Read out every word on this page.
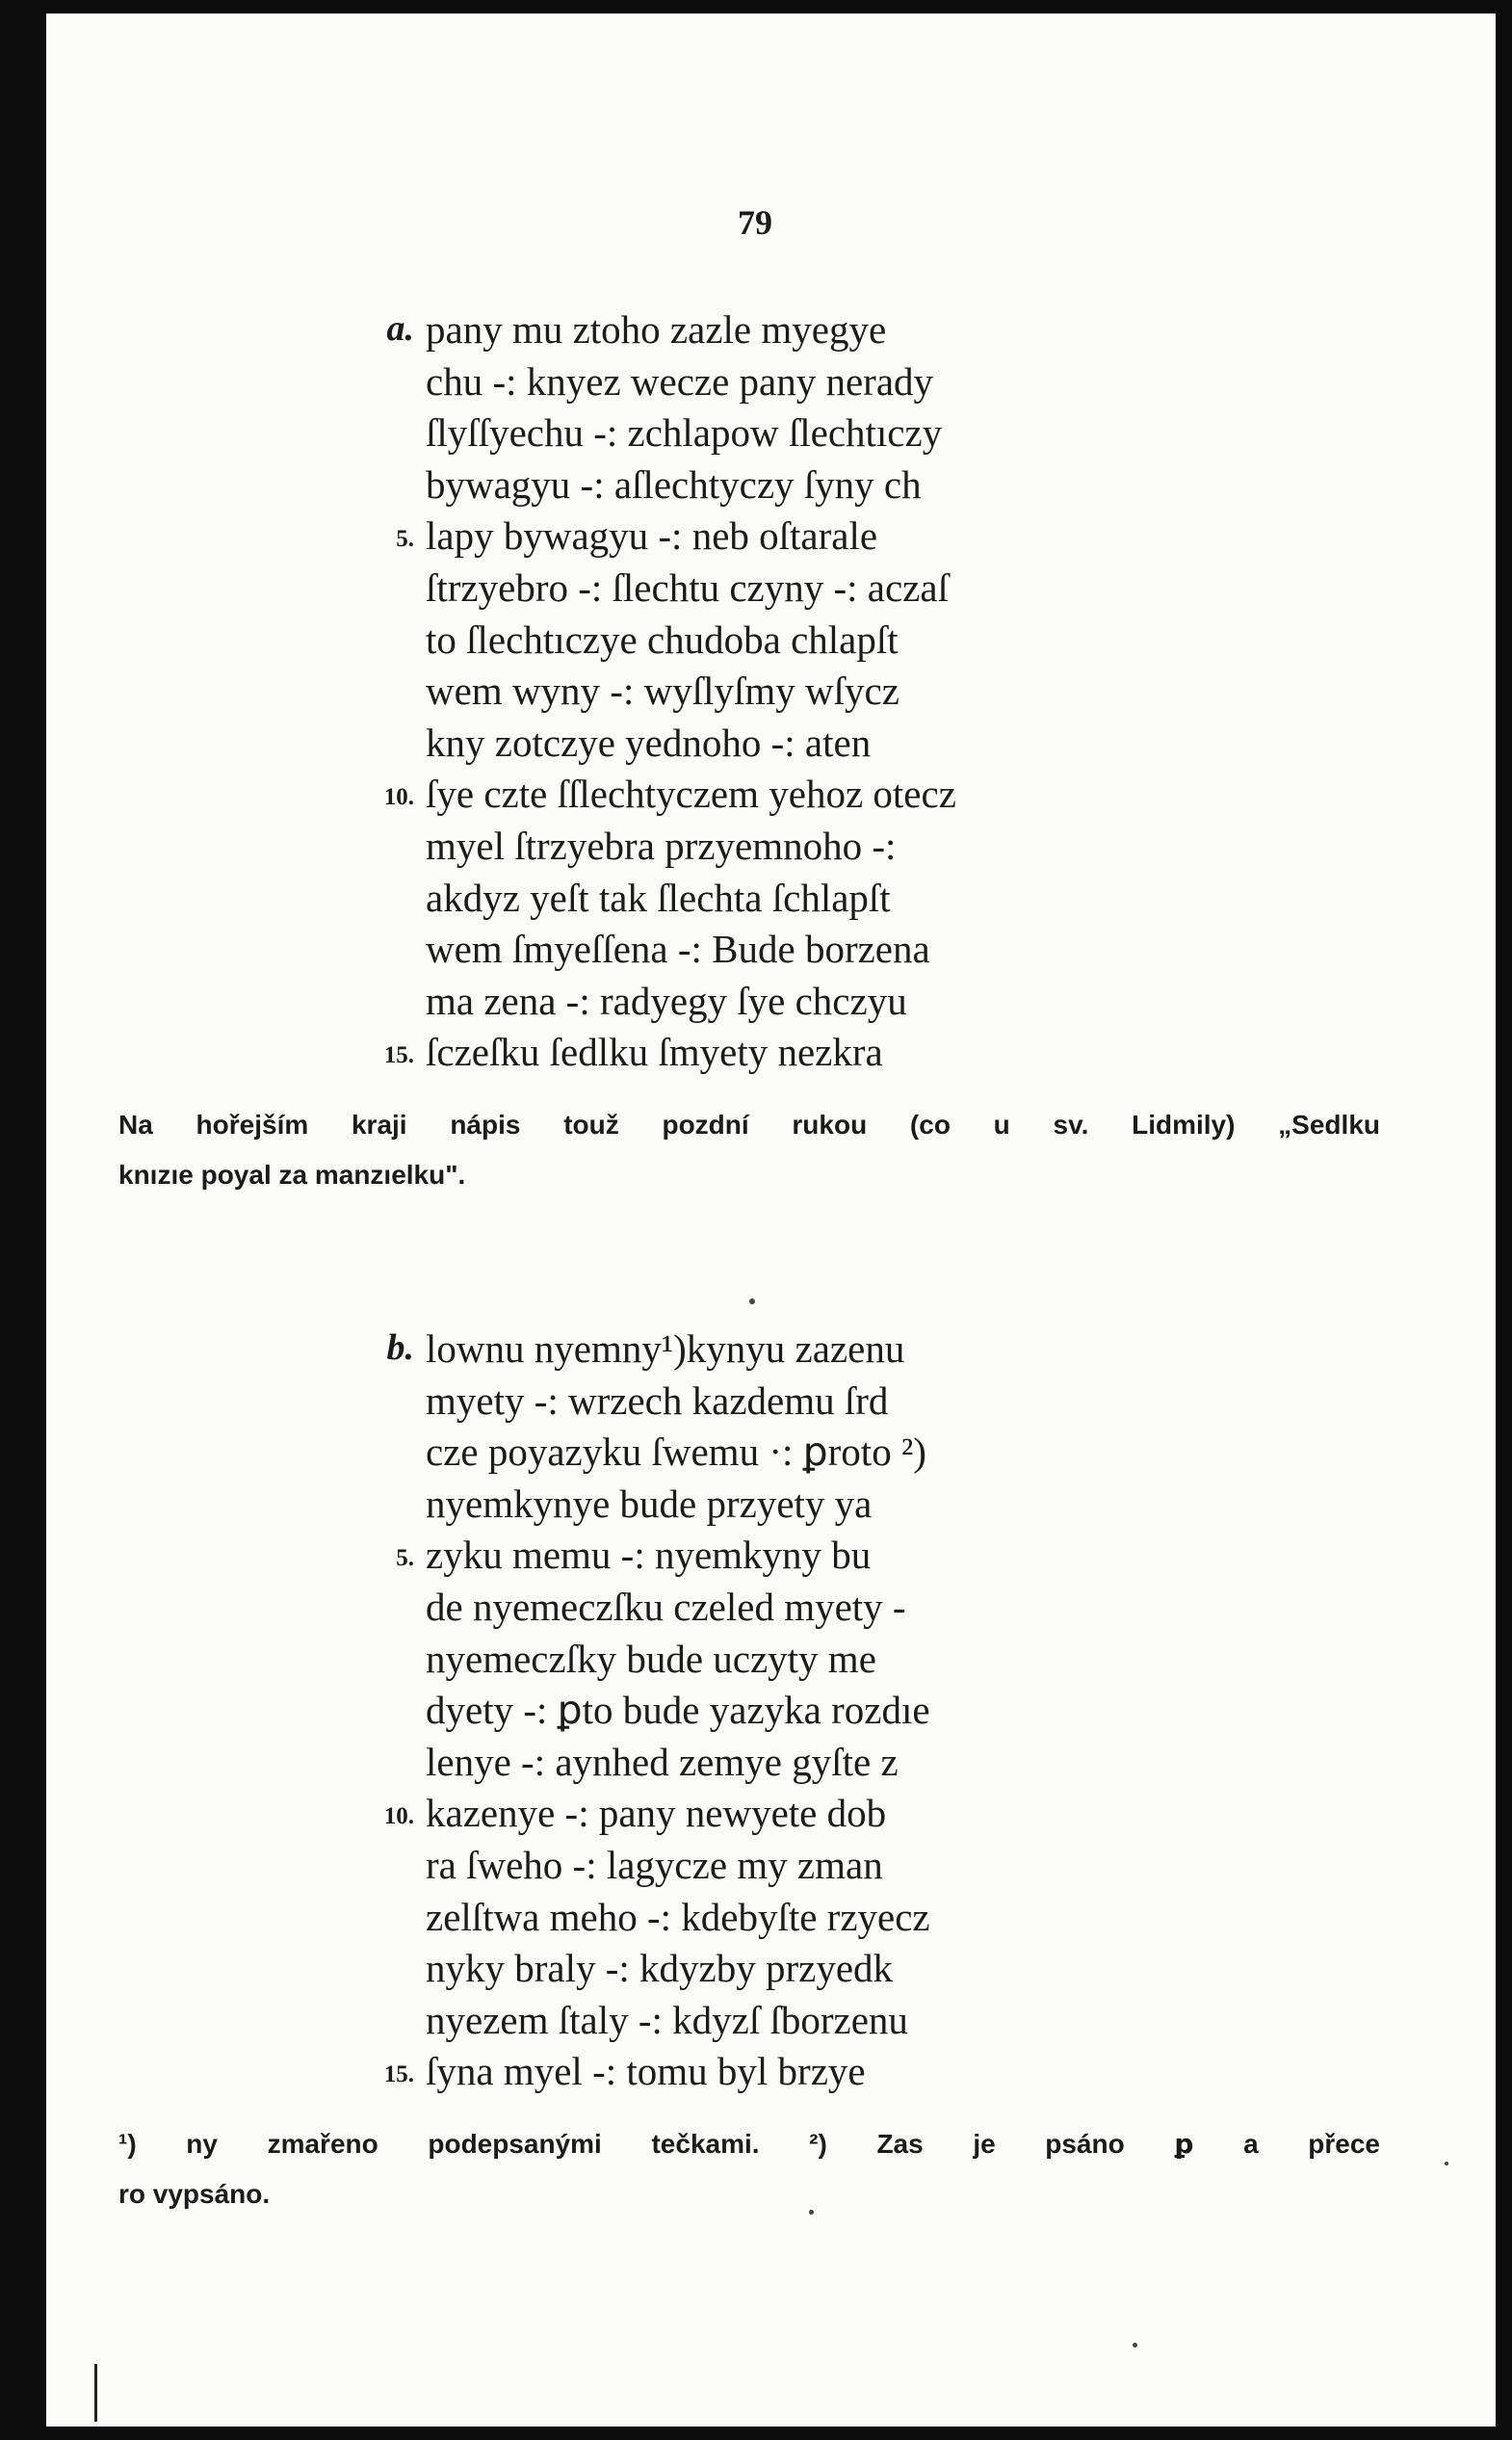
79
a. pany mu ztoho zazle myegye
chu -: knyez wecze pany nerady
ſlyſſyechu -: zchlapow ſlechtıczy
bywagyu -: aſlechtyczy ſyny ch
5. lapy bywagyu -: neb oſtarale
ſtrzyebro -: ſlechtu czyny -: aczaſ
to ſlechtıczye chudoba chlapſt
wem wyny -: wyſlyſmy wſycz
kny zotczye yednoho -: aten
10. ſye czte ſſlechtyczem yehoz otecz
myel ſtrzyebra przyemnoho -:
akdyz yeſt tak ſlechta ſchlapſt
wem ſmyeſſena -: Bude borzena
ma zena -: radyegy ſye chczyu
15. ſczeſku ſedlku ſmyety nezkra
Na hořejším kraji nápis touž pozdní rukou (co u sv. Lidmily) „Sedlku
knızıe poyal za manzıelku".
b. lownu nyemny¹)kynyu zazenu
myety -: wrzech kazdemu ſrd
cze poyazyku ſwemu ·: ꝑroto ²)
nyemkynye bude przyety ya
5. zyku memu -: nyemkyny bu
de nyemeczſku czeled myety -
nyemeczſky bude uczyty me
dyety -: ꝑto bude yazyka rozdıe
lenye -: aynhed zemye gyſte z
10. kazenye -: pany newyete dob
ra ſweho -: lagycze my zman
zelſtwa meho -: kdebyſte rzyecz
nyky braly -: kdyzby przyedk
nyezem ſtaly -: kdyzſ ſborzenu
15. ſyna myel -: tomu byl brzye
¹) ny zmařeno podepsanými tečkami. ²) Zas je psáno ꝑ a přece
ro vypsáno.
